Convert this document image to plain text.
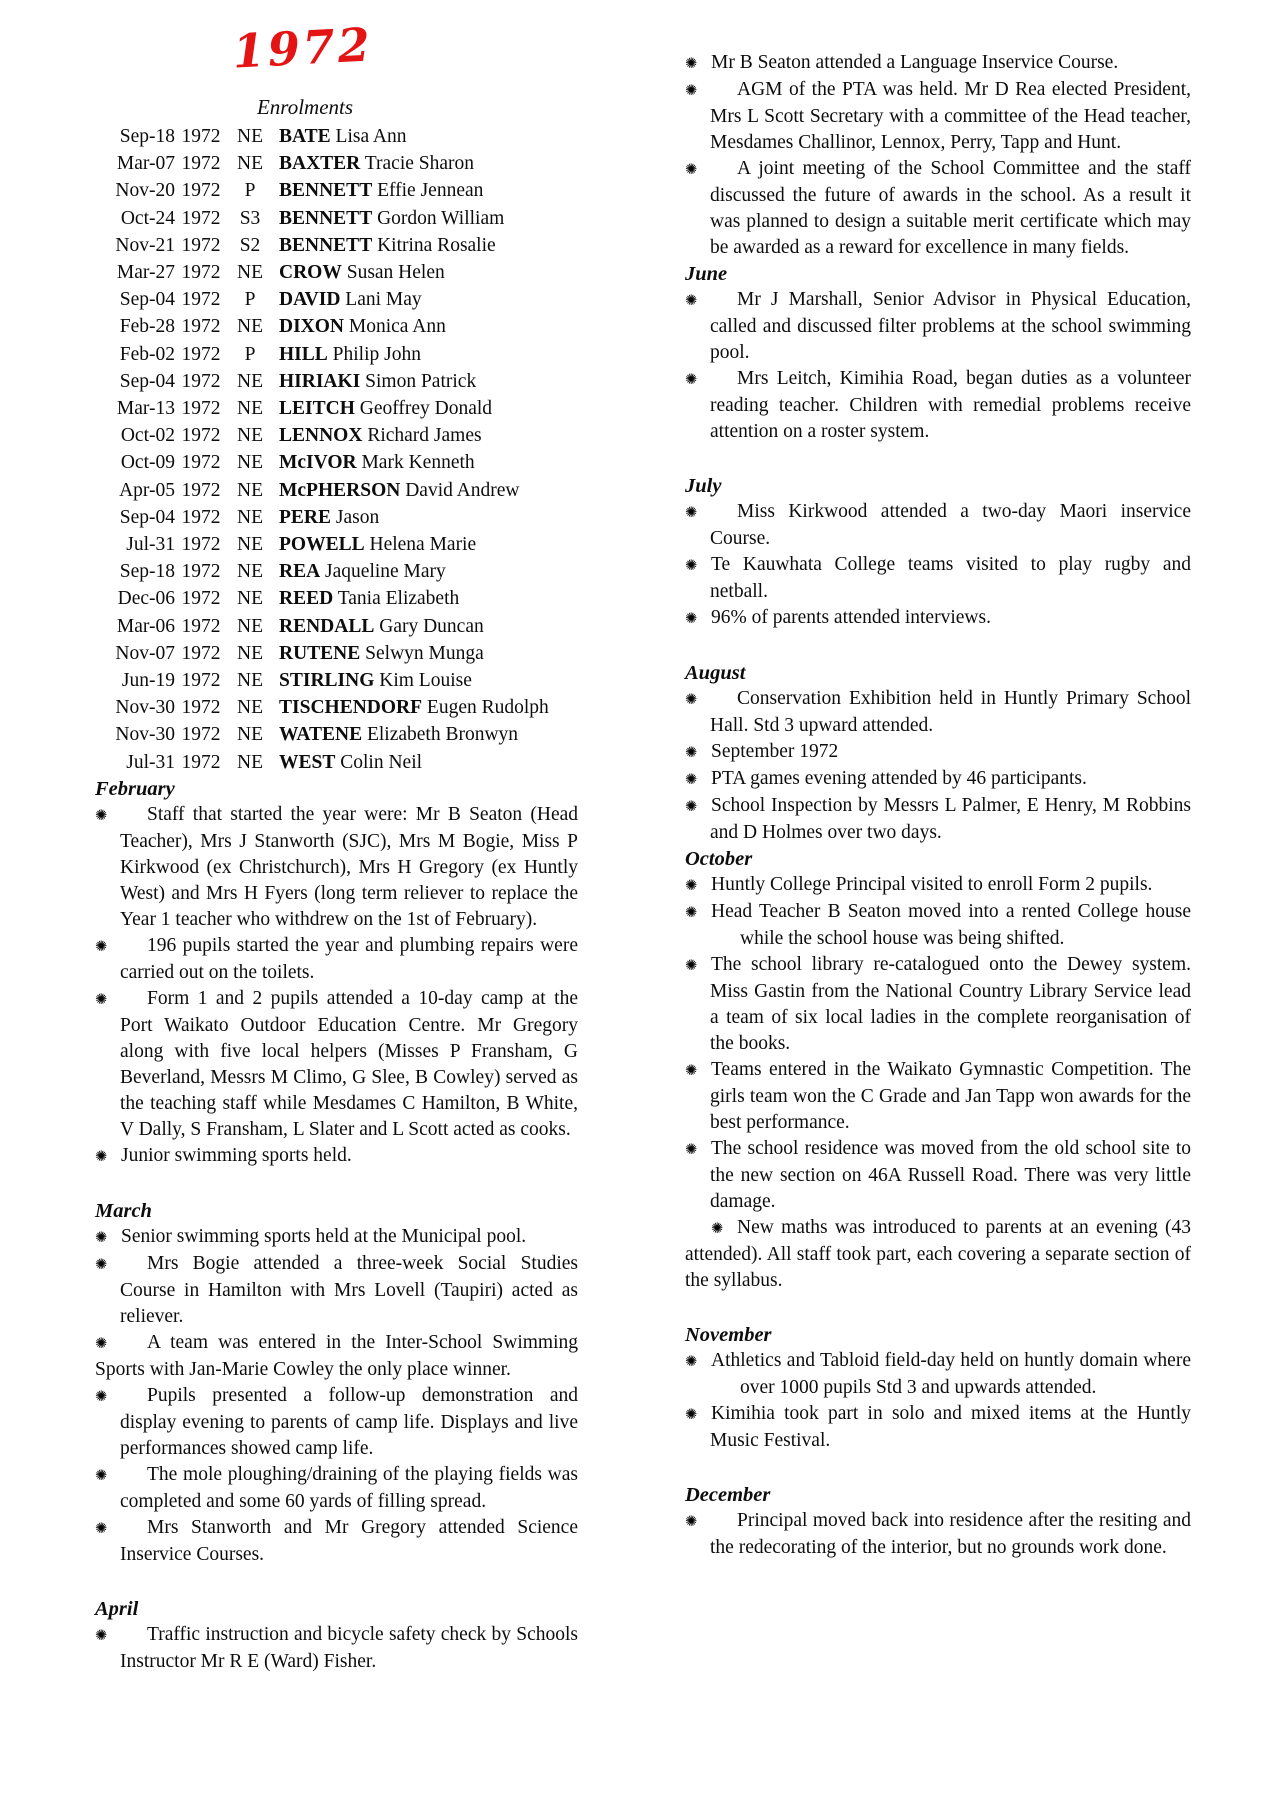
1972
Enrolments
Sep-18 1972 NE BATE Lisa Ann
Mar-07 1972 NE BAXTER Tracie Sharon
Nov-20 1972	P	BENNETT Effie Jennean
Oct-24 1972 S3 BENNETT Gordon William
Nov-21 1972 S2 BENNETT Kitrina Rosalie
Mar-27 1972 NE CROW Susan Helen
Sep-04 1972	P	DAVID Lani May
Feb-28 1972 NE DIXON Monica Ann
Feb-02 1972	P	HILL Philip John
Sep-04 1972 NE HIRIAKI Simon Patrick
Mar-13 1972 NE LEITCH Geoffrey Donald
Oct-02 1972 NE LENNOX Richard James
Oct-09 1972 NE McIVOR Mark Kenneth
Apr-05 1972 NE McPHERSON David Andrew
Sep-04 1972 NE PERE Jason
Jul-31 1972 NE POWELL Helena Marie
Sep-18 1972 NE REA Jaqueline Mary
Dec-06 1972 NE REED Tania Elizabeth
Mar-06 1972 NE RENDALL Gary Duncan
Nov-07 1972 NE RUTENE Selwyn Munga
Jun-19 1972 NE STIRLING Kim Louise
Nov-30 1972 NE TISCHENDORF Eugen Rudolph
Nov-30 1972 NE WATENE Elizabeth Bronwyn
Jul-31 1972 NE WEST Colin Neil
February
✺ Staff that started the year were: Mr B Seaton (Head Teacher), Mrs J Stanworth (SJC), Mrs M Bogie, Miss P Kirkwood (ex Christchurch), Mrs H Gregory (ex Huntly West) and Mrs H Fyers (long term reliever to replace the Year 1 teacher who withdrew on the 1st of February).
✺ 196 pupils started the year and plumbing repairs were carried out on the toilets.
✺ Form 1 and 2 pupils attended a 10-day camp at the Port Waikato Outdoor Education Centre. Mr Gregory along with five local helpers (Misses P Fransham, G Beverland, Messrs M Climo, G Slee, B Cowley) served as the teaching staff while Mesdames C Hamilton, B White, V Dally, S Fransham, L Slater and L Scott acted as cooks.
✺ Junior swimming sports held.
March
✺ Senior swimming sports held at the Municipal pool.
✺ Mrs Bogie attended a three-week Social Studies Course in Hamilton with Mrs Lovell (Taupiri) acted as reliever.
✺ A team was entered in the Inter-School Swimming Sports with Jan-Marie Cowley the only place winner.
✺ Pupils presented a follow-up demonstration and display evening to parents of camp life. Displays and live performances showed camp life.
✺ The mole ploughing/draining of the playing fields was completed and some 60 yards of filling spread.
✺ Mrs Stanworth and Mr Gregory attended Science Inservice Courses.
April
✺ Traffic instruction and bicycle safety check by Schools Instructor Mr R E (Ward) Fisher.
✺ Mr B Seaton attended a Language Inservice Course.
✺ AGM of the PTA was held. Mr D Rea elected President, Mrs L Scott Secretary with a committee of the Head teacher, Mesdames Challinor, Lennox, Perry, Tapp and Hunt.
✺ A joint meeting of the School Committee and the staff discussed the future of awards in the school. As a result it was planned to design a suitable merit certificate which may be awarded as a reward for excellence in many fields.
June
✺ Mr J Marshall, Senior Advisor in Physical Education, called and discussed filter problems at the school swimming pool.
✺ Mrs Leitch, Kimihia Road, began duties as a volunteer reading teacher. Children with remedial problems receive attention on a roster system.
July
✺ Miss Kirkwood attended a two-day Maori inservice Course.
✺ Te Kauwhata College teams visited to play rugby and netball.
✺ 96% of parents attended interviews.
August
✺ Conservation Exhibition held in Huntly Primary School Hall. Std 3 upward attended.
✺ September 1972
✺ PTA games evening attended by 46 participants.
✺ School Inspection by Messrs L Palmer, E Henry, M Robbins and D Holmes over two days.
October
✺ Huntly College Principal visited to enroll Form 2 pupils.
✺ Head Teacher B Seaton moved into a rented College house while the school house was being shifted.
✺ The school library re-catalogued onto the Dewey system. Miss Gastin from the National Country Library Service lead a team of six local ladies in the complete reorganisation of the books.
✺ Teams entered in the Waikato Gymnastic Competition. The girls team won the C Grade and Jan Tapp won awards for the best performance.
✺ The school residence was moved from the old school site to the new section on 46A Russell Road. There was very little damage.
✺ New maths was introduced to parents at an evening (43 attended). All staff took part, each covering a separate section of the syllabus.
November
✺ Athletics and Tabloid field-day held on huntly domain where over 1000 pupils Std 3 and upwards attended.
✺ Kimihia took part in solo and mixed items at the Huntly Music Festival.
December
✺ Principal moved back into residence after the resiting and the redecorating of the interior, but no grounds work done.
